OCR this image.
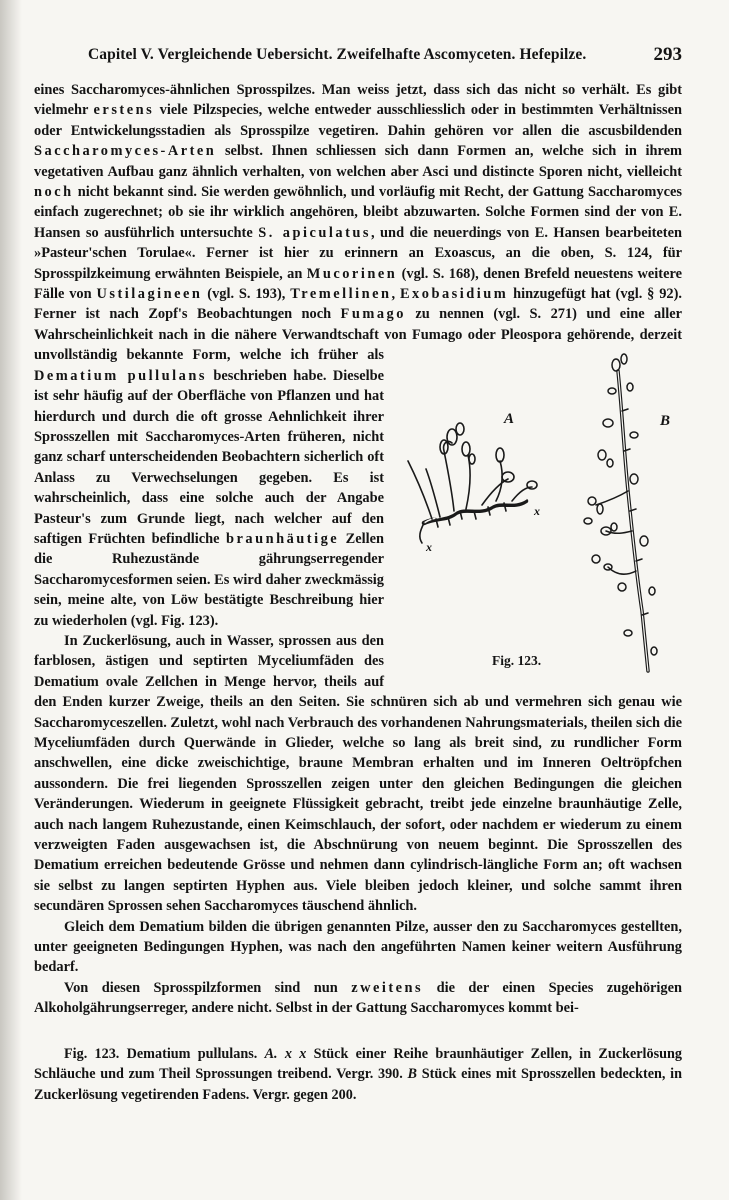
Capitel V. Vergleichende Uebersicht. Zweifelhafte Ascomyceten. Hefepilze.	293

eines Saccharomyces-ähnlichen Sprosspilzes. Man weiss jetzt, dass sich das nicht so verhält. Es gibt vielmehr erstens viele Pilzspecies, welche entweder ausschliesslich oder in bestimmten Verhältnissen oder Entwickelungsstadien als Sprosspilze vegetiren. Dahin gehören vor allen die ascusbildenden Saccharomyces-Arten selbst. Ihnen schliessen sich dann Formen an, welche sich in ihrem vegetativen Aufbau ganz ähnlich verhalten, von welchen aber Asci und distincte Sporen nicht, vielleicht noch nicht bekannt sind. Sie werden gewöhnlich, und vorläufig mit Recht, der Gattung Saccharomyces einfach zugerechnet; ob sie ihr wirklich angehören, bleibt abzuwarten. Solche Formen sind der von E. Hansen so ausführlich untersuchte S. apiculatus, und die neuerdings von E. Hansen bearbeiteten »Pasteur'schen Torulae«. Ferner ist hier zu erinnern an Exoascus, an die oben, S. 124, für Sprosspilzkeimung erwähnten Beispiele, an Mucorinen (vgl. S. 168), denen Brefeld neuestens weitere Fälle von Ustilagineen (vgl. S. 193), Tremellinen, Exobasidium hinzugefügt hat (vgl. § 92). Ferner ist nach Zopf's Beobachtungen noch Fumago zu nennen (vgl. S. 271) und eine aller Wahrscheinlichkeit nach in die nähere Verwandtschaft von Fumago oder Pleospora gehörende, derzeit unvollständig bekannte Form, welche ich früher als
A	B
x
x
Fig. 123.
Dematium pullulans beschrieben habe. Dieselbe ist sehr häufig auf der Oberfläche von Pflanzen und hat hierdurch und durch die oft grosse Aehnlichkeit ihrer Sprosszellen mit Saccharomyces-Arten früheren, nicht ganz scharf unterscheidenden Beobachtern sicherlich oft Anlass zu Verwechselungen gegeben. Es ist wahrscheinlich, dass eine solche auch der Angabe Pasteur's zum Grunde liegt, nach welcher auf den saftigen Früchten befindliche braunhäutige Zellen die Ruhezustände gährungserregender Saccharomycesformen seien. Es wird daher zweckmässig sein, meine alte, von Löw bestätigte Beschreibung hier zu wiederholen (vgl. Fig. 123).

In Zuckerlösung, auch in Wasser, sprossen aus den farblosen, ästigen und septirten Myceliumfäden des Dematium ovale Zellchen in Menge hervor, theils auf den Enden kurzer Zweige, theils an den Seiten. Sie schnüren sich ab und vermehren sich genau wie Saccharomyceszellen. Zuletzt, wohl nach Verbrauch des vorhandenen Nahrungsmaterials, theilen sich die Myceliumfäden durch Querwände in Glieder, welche so lang als breit sind, zu rundlicher Form anschwellen, eine dicke zweischichtige, braune Membran erhalten und im Inneren Oeltröpfchen aussondern. Die frei liegenden Sprosszellen zeigen unter den gleichen Bedingungen die gleichen Veränderungen. Wiederum in geeignete Flüssigkeit gebracht, treibt jede einzelne braunhäutige Zelle, auch nach langem Ruhezustande, einen Keimschlauch, der sofort, oder nachdem er wiederum zu einem verzweigten Faden ausgewachsen ist, die Abschnürung von neuem beginnt. Die Sprosszellen des Dematium erreichen bedeutende Grösse und nehmen dann cylindrisch-längliche Form an; oft wachsen sie selbst zu langen septirten Hyphen aus. Viele bleiben jedoch kleiner, und solche sammt ihren secundären Sprossen sehen Saccharomyces täuschend ähnlich.

Gleich dem Dematium bilden die übrigen genannten Pilze, ausser den zu Saccharomyces gestellten, unter geeigneten Bedingungen Hyphen, was nach den angeführten Namen keiner weitern Ausführung bedarf.

Von diesen Sprosspilzformen sind nun zweitens die der einen Species zugehörigen Alkoholgährungserreger, andere nicht. Selbst in der Gattung Saccharomyces kommt bei-

Fig. 123. Dematium pullulans. A. x x Stück einer Reihe braunhäutiger Zellen, in Zuckerlösung Schläuche und zum Theil Sprossungen treibend. Vergr. 390. B Stück eines mit Sprosszellen bedeckten, in Zuckerlösung vegetirenden Fadens. Vergr. gegen 200.
